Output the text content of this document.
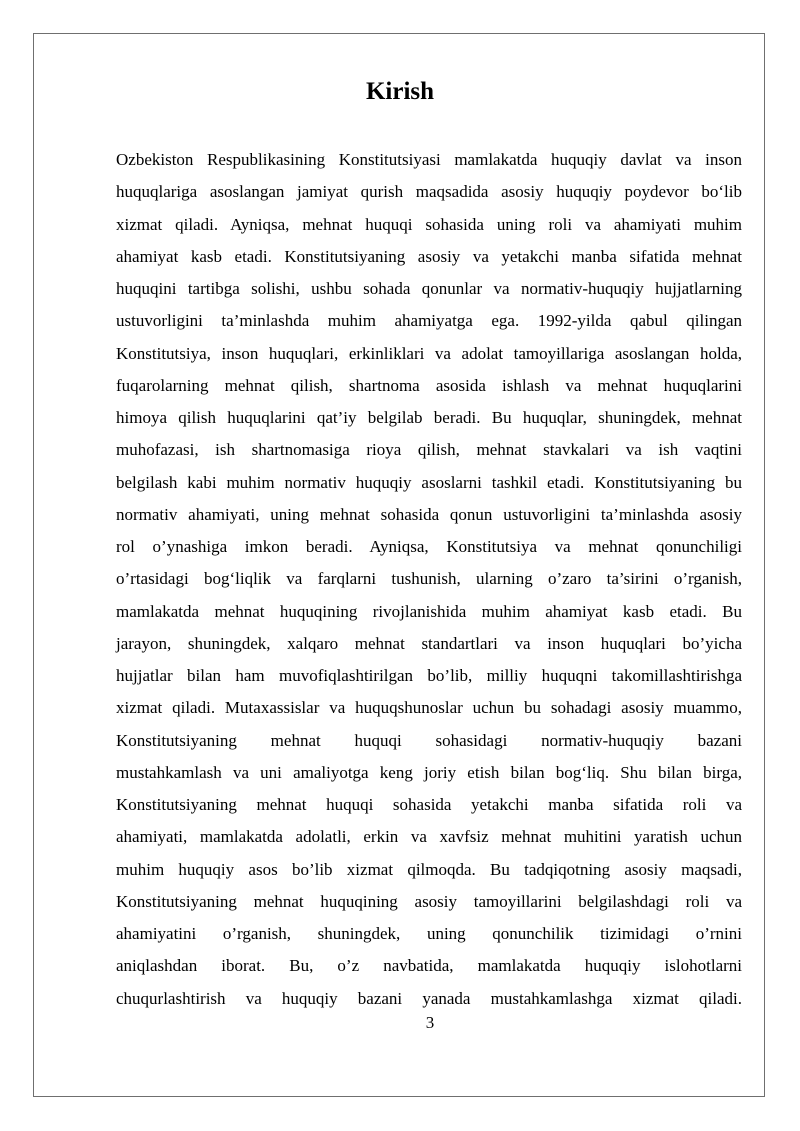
Kirish
Ozbekiston Respublikasining Konstitutsiyasi mamlakatda huquqiy davlat va inson
huquqlariga asoslangan jamiyat qurish maqsadida asosiy huquqiy poydevor bo‘lib
xizmat qiladi. Ayniqsa, mehnat huquqi sohasida uning roli va ahamiyati muhim
ahamiyat kasb etadi. Konstitutsiyaning asosiy va yetakchi manba sifatida mehnat
huquqini tartibga solishi, ushbu sohada qonunlar va normativ-huquqiy hujjatlarning
ustuvorligini ta’minlashda muhim ahamiyatga ega. 1992-yilda qabul qilingan
Konstitutsiya, inson huquqlari, erkinliklari va adolat tamoyillariga asoslangan holda,
fuqarolarning mehnat qilish, shartnoma asosida ishlash va mehnat huquqlarini
himoya qilish huquqlarini qat’iy belgilab beradi. Bu huquqlar, shuningdek, mehnat
muhofazasi, ish shartnomasiga rioya qilish, mehnat stavkalari va ish vaqtini
belgilash kabi muhim normativ huquqiy asoslarni tashkil etadi. Konstitutsiyaning bu
normativ ahamiyati, uning mehnat sohasida qonun ustuvorligini ta’minlashda asosiy
rol o’ynashiga imkon beradi. Ayniqsa, Konstitutsiya va mehnat qonunchiligi
o’rtasidagi bog‘liqlik va farqlarni tushunish, ularning o’zaro ta’sirini o’rganish,
mamlakatda mehnat huquqining rivojlanishida muhim ahamiyat kasb etadi. Bu
jarayon, shuningdek, xalqaro mehnat standartlari va inson huquqlari bo’yicha
hujjatlar bilan ham muvofiqlashtirilgan bo’lib, milliy huquqni takomillashtirishga
xizmat qiladi. Mutaxassislar va huquqshunoslar uchun bu sohadagi asosiy muammo,
Konstitutsiyaning mehnat huquqi sohasidagi normativ-huquqiy bazani
mustahkamlash va uni amaliyotga keng joriy etish bilan bog‘liq. Shu bilan birga,
Konstitutsiyaning mehnat huquqi sohasida yetakchi manba sifatida roli va
ahamiyati, mamlakatda adolatli, erkin va xavfsiz mehnat muhitini yaratish uchun
muhim huquqiy asos bo’lib xizmat qilmoqda. Bu tadqiqotning asosiy maqsadi,
Konstitutsiyaning mehnat huquqining asosiy tamoyillarini belgilashdagi roli va
ahamiyatini o’rganish, shuningdek, uning qonunchilik tizimidagi o’rnini
aniqlashdan iborat. Bu, o’z navbatida, mamlakatda huquqiy islohotlarni
chuqurlashtirish va huquqiy bazani yanada mustahkamlashga xizmat qiladi.
3
